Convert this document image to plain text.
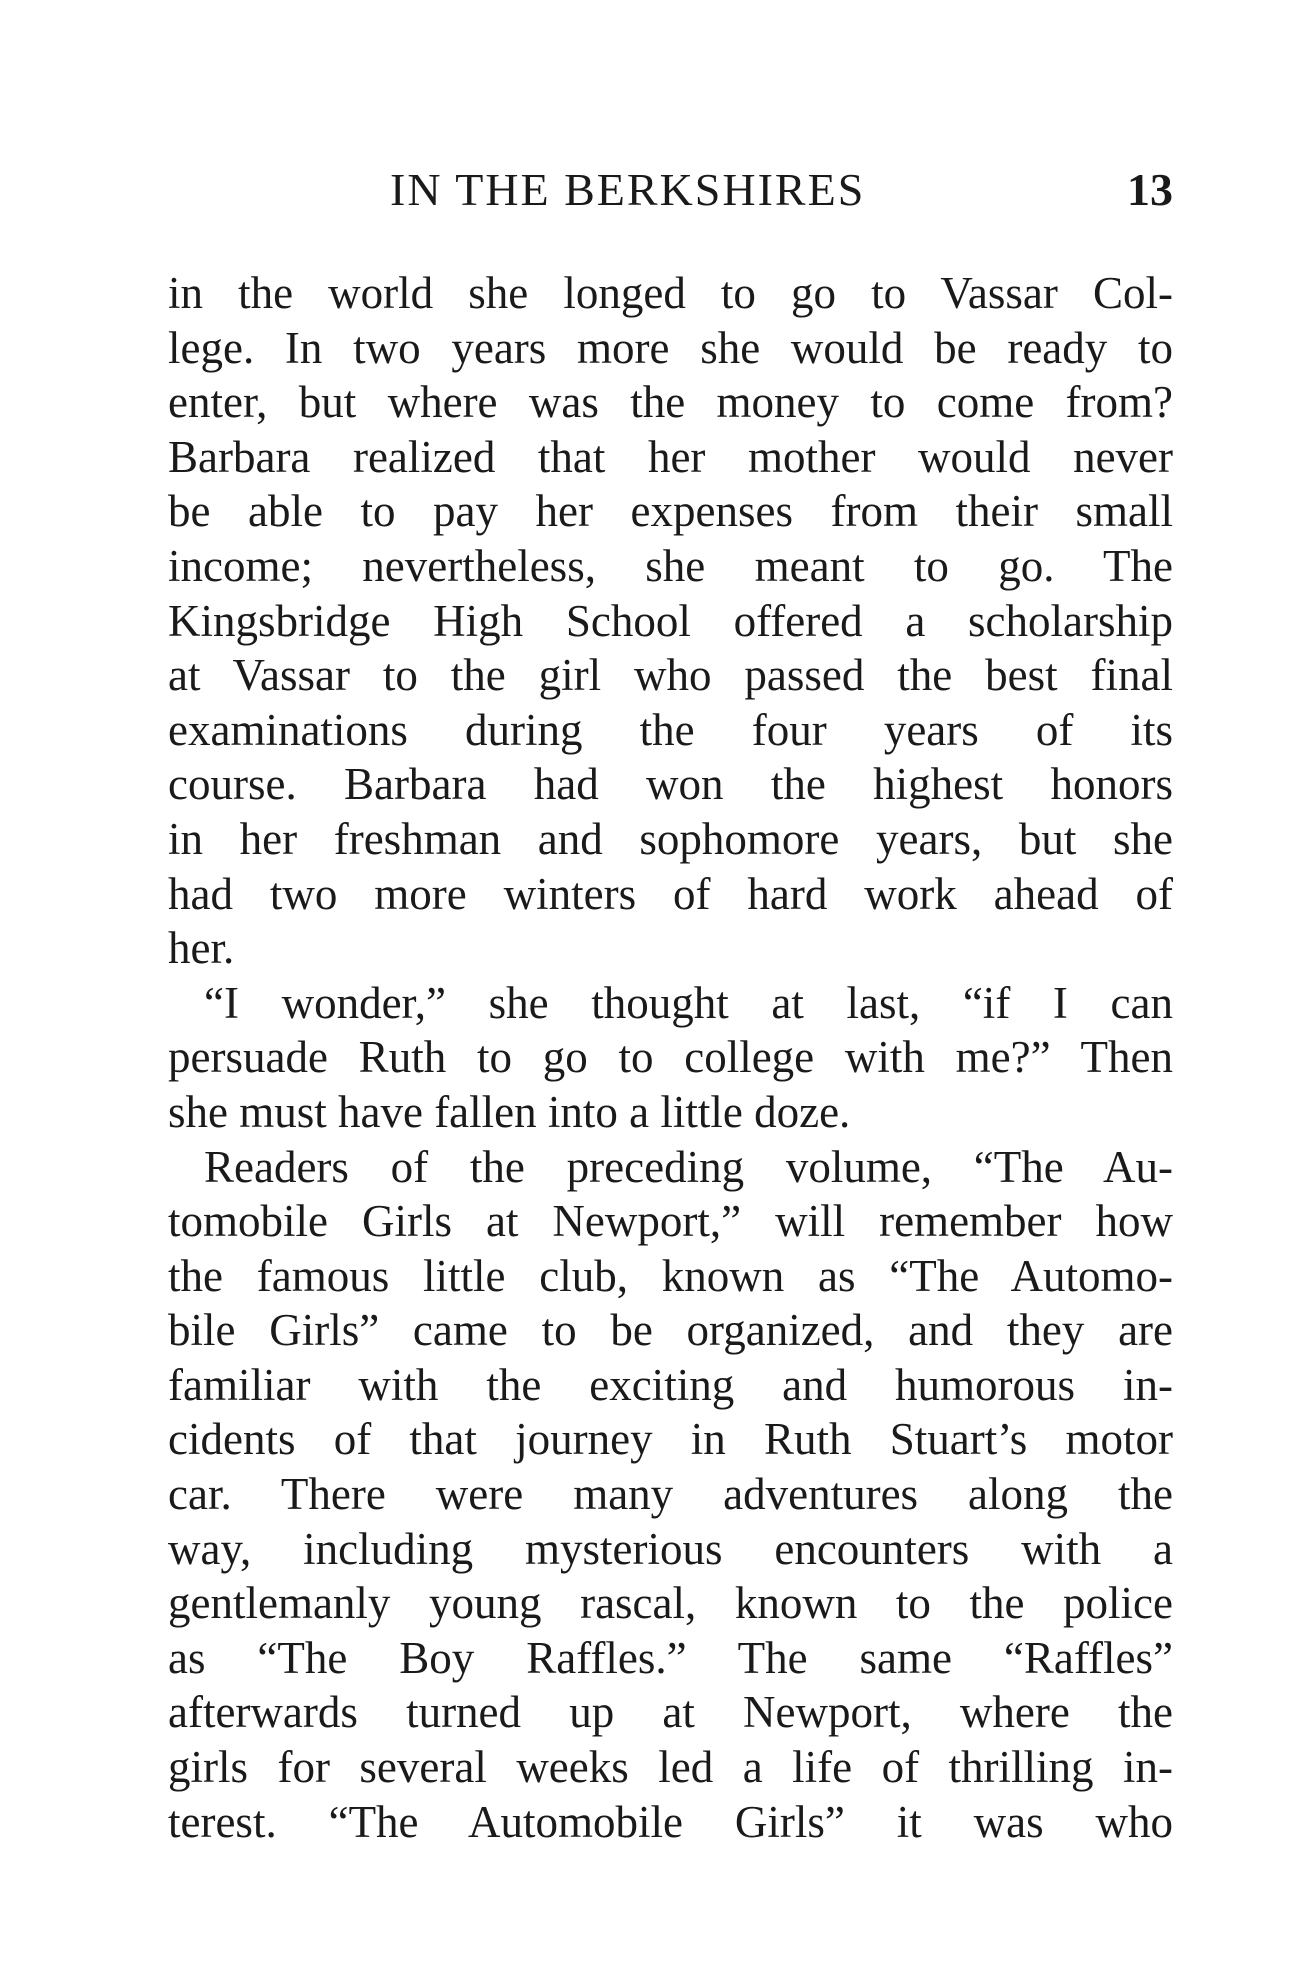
IN THE BERKSHIRES	13
in the world she longed to go to Vassar Col-
lege. In two years more she would be ready to
enter, but where was the money to come from?
Barbara realized that her mother would never
be able to pay her expenses from their small
income; nevertheless, she meant to go. The
Kingsbridge High School offered a scholarship
at Vassar to the girl who passed the best final
examinations during the four years of its
course. Barbara had won the highest honors
in her freshman and sophomore years, but she
had two more winters of hard work ahead of
her.
“I wonder,” she thought at last, “if I can
persuade Ruth to go to college with me?” Then
she must have fallen into a little doze.
Readers of the preceding volume, “The Au-
tomobile Girls at Newport,” will remember how
the famous little club, known as “The Automo-
bile Girls” came to be organized, and they are
familiar with the exciting and humorous in-
cidents of that journey in Ruth Stuart’s motor
car. There were many adventures along the
way, including mysterious encounters with a
gentlemanly young rascal, known to the police
as “The Boy Raffles.” The same “Raffles”
afterwards turned up at Newport, where the
girls for several weeks led a life of thrilling in-
terest. “The Automobile Girls” it was who
